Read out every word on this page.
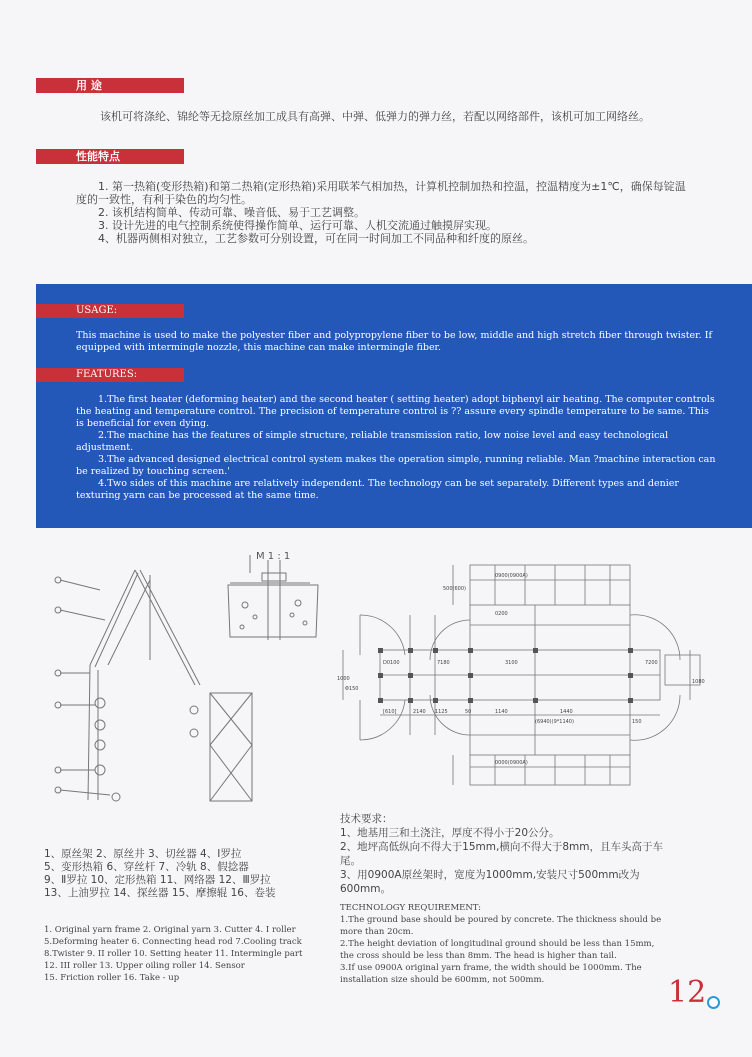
用 途
该机可将涤纶、锦纶等无捻原丝加工成具有高弹、中弹、低弹力的弹力丝，若配以网络部件，该机可加工网络丝。
性能特点
1. 第一热箱(变形热箱)和第二热箱(定形热箱)采用联苯气相加热，计算机控制加热和控温，控温精度为±1℃，确保每锭温度的一致性，有利于染色的均匀性。
2. 该机结构简单、传动可靠、噪音低、易于工艺调整。
3. 设计先进的电气控制系统使得操作简单、运行可靠、人机交流通过触摸屏实现。
4、机器两侧相对独立，工艺参数可分别设置，可在同一时间加工不同品种和纤度的原丝。
USAGE:
This machine is used to make the polyester fiber and polypropylene fiber to be low, middle and high stretch fiber through twister. If equipped with intermingle nozzle, this machine can make intermingle fiber.
FEATURES:
1.The first heater (deforming heater) and the second heater ( setting heater) adopt biphenyl air heating. The computer controls the heating and temperature control. The precision of temperature control is ?? assure every spindle temperature to be same. This is beneficial for even dying.
2.The machine has the features of simple structure, reliable transmission ratio, low noise level and easy technological adjustment.
3.The advanced designed electrical control system makes the operation simple, running reliable. Man ?machine interaction can be realized by touching screen.'
4.Two sides of this machine are relatively independent. The technology can be set separately. Different types and denier texturing yarn can be processed at the same time.
M 1 : 1
0900(0900A)
0200
D0100	7180	3100	7200
Φ150
[610]	1125	1140	1440
50
1080
500(600)
0000(0900A)
1000
2140
(6940)(9*1140)	150
1、原丝架 2、原丝井 3、切丝器 4、Ⅰ罗拉
5、变形热箱 6、穿丝杆 7、冷轨 8、假捻器
9、Ⅱ罗拉 10、定形热箱 11、网络器 12、Ⅲ罗拉
13、上油罗拉 14、探丝器 15、摩擦辊 16、卷装
1. Original yarn frame 2. Original yarn 3. Cutter 4. I roller
5.Deforming heater 6. Connecting head rod 7.Cooling track
8.Twister 9. II roller 10. Setting heater 11. Intermingle part
12. III roller 13. Upper oiling roller 14. Sensor
15. Friction roller 16. Take - up
技术要求：
1、地基用三和土浇注，厚度不得小于20公分。
2、地坪高低纵向不得大于15mm,横向不得大于8mm，且车头高于车尾。
3、用0900A原丝架时，宽度为1000mm,安装尺寸500mm改为600mm。
TECHNOLOGY REQUIREMENT:
1.The ground base should be poured by concrete. The thickness should be more than 20cm.
2.The height deviation of longitudinal ground should be less than 15mm, the cross should be less than 8mm. The head is higher than tail.
3.If use 0900A original yarn frame, the width should be 1000mm. The installation size should be 600mm, not 500mm.	12
